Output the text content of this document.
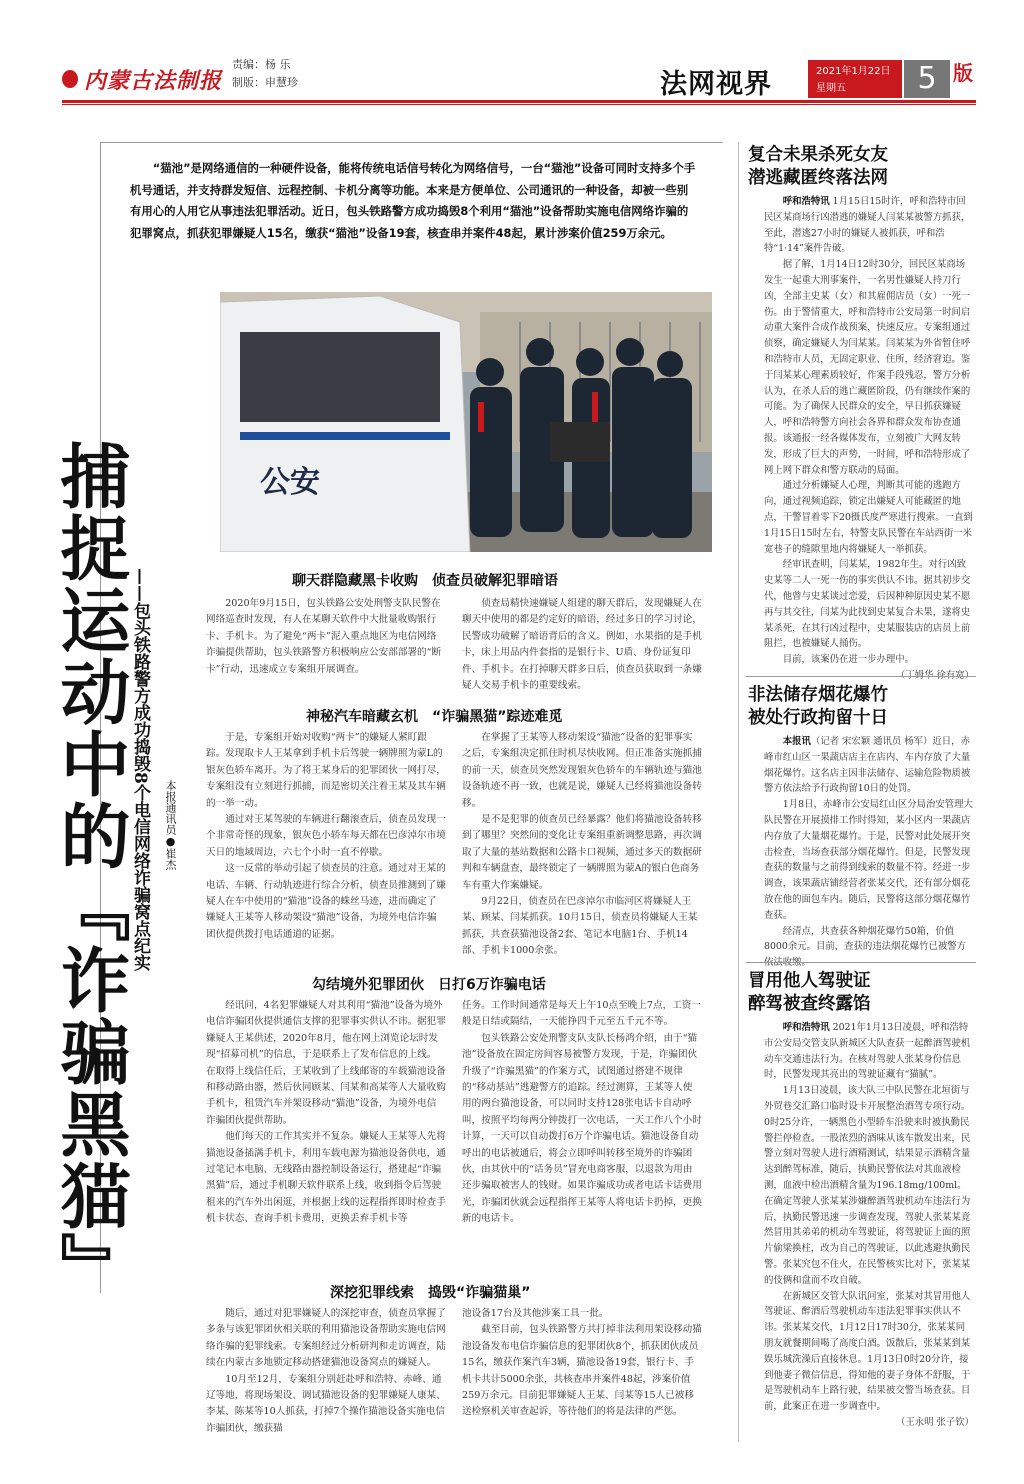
内蒙古法制报
责编：杨 乐
制版：申慧珍	法网视界	2021年1月22日
星期五	5 版
“猫池”是网络通信的一种硬件设备，能将传统电话信号转化为网络信号，一台“猫池”设备可同时支持多个手机号通话，并支持群发短信、远程控制、卡机分离等功能。本来是方便单位、公司通讯的一种设备，却被一些别有用心的人用它从事违法犯罪活动。近日，包头铁路警方成功捣毁8个利用“猫池”设备帮助实施电信网络诈骗的犯罪窝点，抓获犯罪嫌疑人15名，缴获“猫池”设备19套，核查串并案件48起，累计涉案价值259万余元。
公安
捕捉运动中的『诈骗黑猫』
——包头铁路警方成功捣毁8个电信网络诈骗窝点纪实 本报通讯员●崔杰
聊天群隐藏黑卡收购　侦查员破解犯罪暗语

2020年9月15日，包头铁路公安处刑警支队民警在网络巡查时发现，有人在某聊天软件中大批量收购银行卡、手机卡。为了避免“两卡”泥入重点地区为电信网络诈骗提供帮助，包头铁路警方积极响应公安部部署的“断卡”行动，迅速成立专案组开展调查。

侦查局精快速嫌疑人组建的聊天群后，发现嫌疑人在聊天中使用的都是约定好的暗语，经过多日的学习讨论，民警成功破解了暗语背后的含义。例如，水果指的是手机卡，床上用品内件套指的是银行卡、U盾、身份证复印件、手机卡。在打掉聊天群多日后，侦查员获取到一条嫌疑人交易手机卡的重要线索。

神秘汽车暗藏玄机　“诈骗黑猫”踪迹难觅

于是，专案组开始对收购“两卡”的嫌疑人紧盯跟踪。发现取卡人王某拿到手机卡后驾驶一辆牌照为蒙L的银灰色轿车离开。为了将王某身后的犯罪团伙一网打尽，专案组没有立刻进行抓捕，而是密切关注着王某及其车辆的一举一动。

通过对王某驾驶的车辆进行翻滚查后，侦查员发现一个非常奇怪的现象，银灰色小轿车每天都在巴彦淖尔市境天日的地域周边，六七个小时一直不停歇。

这一反常的举动引起了侦查员的注意。通过对王某的电话、车辆、行动轨迹进行综合分析，侦查员推测到了嫌疑人在车中使用的“猫池”设备的蛛丝马迹，进而确定了嫌疑人王某等人移动架设“猫池”设备，为境外电信诈骗团伙提供拨打电话通道的证据。

在掌握了王某等人移动架设“猫池”设备的犯罪事实之后，专案组决定抓住时机尽快收网。但正准备实施抓捕的前一天，侦查员突然发现银灰色轿车的车辆轨迹与猫池设备轨迹不再一致，也就是说，嫌疑人已经将猫池设备转移。

是不是犯罪的侦查员已经暴露？他们将猫池设备转移到了哪里？突然间的变化让专案组重新调整思路，再次调取了大量的基站数据和公路卡口视频，通过多天的数据研判和车辆盘查，最终锁定了一辆牌照为蒙A的银白色商务车有重大作案嫌疑。

9月22日，侦查员在巴彦淖尔市临河区将嫌疑人王某、顾某、闫某抓获。10月15日，侦查员将嫌疑人王某抓获，共查获猫池设备2套、笔记本电脑1台、手机14部、手机卡1000余张。

勾结境外犯罪团伙　日打6万诈骗电话

经讯问，4名犯罪嫌疑人对其利用“猫池”设备为境外电信诈骗团伙提供通信支撑的犯罪事实供认不讳。据犯罪嫌疑人王某供述，2020年8月，他在网上浏览论坛时发现“招募司机”的信息，于是联系上了发布信息的上线。在取得上线信任后，王某收到了上线邮寄的车载猫池设备和移动路由器，然后伙同顾某、闫某和高某等人大量收购手机卡，租赁汽车并架设移动“猫池”设备，为境外电信诈骗团伙提供帮助。

他们每天的工作其实并不复杂。嫌疑人王某等人先将猫池设备插满手机卡，利用车载电源为猫池设备供电，通过笔记本电脑、无线路由器控制设备运行，搭建起“诈骗黑猫”后，通过手机聊天软件联系上线，收到指令后驾驶租来的汽车外出闲逛，并根据上线的远程指挥即时检查手机卡状态、查询手机卡费用，更换丢弃手机卡等

任务。工作时间通常是每天上午10点至晚上7点，工资一般是日结或隔结，一天能挣四千元至五千元不等。

包头铁路公安处刑警支队支队长杨鸿介绍，由于“猫池”设备放在固定房间容易被警方发现，于是，诈骗团伙升级了“诈骗黑猫”的作案方式，试图通过搭建不规律的“移动基站”逃避警方的追踪。经过测算，王某等人使用的两台猫池设备，可以同时支持128张电话卡自动呼叫，按照平均每两分钟拨打一次电话，一天工作八个小时计算，一天可以自动拨打6万个诈骗电话。猫池设备自动呼出的电话被通后，将会立即呼叫转移至境外的诈骗团伙，由其伙中的“话务员”冒充电商客服，以退款为用由还步骗取被害人的钱财。如果诈骗成功或者电话卡话费用光，诈骗团伙就会远程指挥王某等人将电话卡扔掉，更换新的电话卡。

深挖犯罪线索　捣毁“诈骗猫巢”

随后，通过对犯罪嫌疑人的深挖审查，侦查员掌握了多条与该犯罪团伙相关联的利用猫池设备帮助实施电信网络诈骗的犯罪线索。专案组经过分析研判和走访调查，陆续在内蒙古多地锁定移动搭建猫池设备窝点的嫌疑人。

10月至12月，专案组分别赶赴呼和浩特、赤峰、通辽等地，将现场架设、调试猫池设备的犯罪嫌疑人康某、李某、陈某等10人抓获，打掉7个操作猫池设备实施电信诈骗团伙，缴获猫

池设备17台及其他涉案工具一批。

截至目前，包头铁路警方共打掉非法利用架设移动猫池设备发布电信诈骗信息的犯罪团伙8个，抓获团伙成员15名，缴获作案汽车3辆，猫池设备19套，银行卡、手机卡共计5000余张，共核查串并案件48起，涉案价值259万余元。目前犯罪嫌疑人王某、闫某等15人已被移送检察机关审查起诉，等待他们的将是法律的严惩。

复合未果杀死女友
潜逃藏匿终落法网

呼和浩特讯 1月15日15时许，呼和浩特市回民区某商场行凶潜逃的嫌疑人闫某某被警方抓获，至此，潜逃27小时的嫌疑人被抓获，呼和浩特“1·14”案件告破。

据了解，1月14日12时30分，回民区某商场发生一起重大刑事案件，一名男性嫌疑人持刀行凶，全部主史某（女）和其雇佣店员（女）一死一伤。由于警情重大，呼和浩特市公安局第一时间启动重大案件合成作战预案，快速反应。专案组通过侦察，确定嫌疑人为闫某某。闫某某为外省暂住呼和浩特市人员，无固定职业、住所，经济窘迫。鉴于闫某某心理素质较好，作案手段残忍，警方分析认为，在杀人后的逃亡藏匿阶段，仍有继续作案的可能。为了确保人民群众的安全，早日抓获嫌疑人，呼和浩特警方向社会各界和群众发布协查通报。该通报一经各媒体发布，立刻被广大网友转发，形成了巨大的声势，一时间，呼和浩特形成了网上网下群众和警方联动的局面。

通过分析嫌疑人心理，判断其可能的逃跑方向，通过视频追踪，锁定出嫌疑人可能藏匿的地点，干警冒着零下20摄氏度严寒进行搜索。一直到1月15日15时左右，特警支队民警在车站西街一米宽巷子的缝隙里地内将嫌疑人一举抓获。

经审讯查明，闫某某，1982年生。对行凶致史某等二人一死一伤的事实供认不讳。据其初步交代，他曾与史某谈过恋爱，后因种种原因史某不愿再与其交往，闫某为此找到史某复合未果，遂将史某杀死，在其行凶过程中，史某服装店的店员上前阻拦，也被嫌疑人捅伤。

目前，该案仍在进一步办理中。

非法储存烟花爆竹
被处行政拘留十日

本报讯（记者 宋宏颖 通讯员 杨军）近日，赤峰市红山区一果蔬店店主在店内、车内存放了大量烟花爆竹。这名店主因非法储存、运输危险物质被警方依法给予行政拘留10日的处罚。

1月8日，赤峰市公安局红山区分局治安管理大队民警在开展摸排工作时得知，某小区内一果蔬店内存放了大量烟花爆竹。于是，民警对此处展开突击检查，当场查获部分烟花爆竹。但是，民警发现查获的数量与之前得到线索的数量不符。经进一步调查，该果蔬店铺经营者张某交代，还有部分烟花放在他的面包车内。随后，民警将这部分烟花爆竹查获。

经清点，共查获各种烟花爆竹50箱，价值8000余元。目前，查获的违法烟花爆竹已被警方

冒用他人驾驶证
醉驾被查终露馅

呼和浩特讯 2021年1月13日凌晨，呼和浩特市公安局交管支队新城区大队查获一起醉酒驾驶机动车交通违法行为。在核对驾驶人张某身份信息时，民警发现其亮出的驾驶证藏有“猫腻”。

1月13日凌晨，该大队三中队民警在北垣街与外贸巷交汇路口临时设卡开展整治酒驾专项行动。0时25分许，一辆黑色小型轿车沿驶来时被执勤民警拦停检查。一股浓烈的酒味从该车散发出来，民警立刻对驾驶人进行酒精测试，结果显示酒精含量达到醉驾标准，随后，执勤民警依法对其血液检测，血液中检出酒精含量为196.18mg/100ml。在确定驾驶人张某某涉嫌醉酒驾驶机动车违法行为后，执勤民警迅速一步调查发现，驾驶人张某某竟然冒用其弟弟的机动车驾驶证，将驾驶证上面的照片偷梁换柱，改为自己的驾驶证，以此逃避执勤民警。张某究包不住火，在民警核实比对下，张某某的伎俩和盘而不攻自破。

在新城区交管大队讯问室，张某对其冒用他人驾驶证、醉酒后驾驶机动车违法犯罪事实供认不讳。张某某交代，1月12日17时30分，张某某同朋友就餐期间喝了高度白酒。饭散后，张某某到某娱乐城洗澡后直接休息。1月13日0时20分许，接到他妻子微信信息，得知他的妻子身体不舒服，于是驾驶机动车上路行驶，结果被交警当场查获。目前，此案正在进一步调查中。

（王永明 张子钦）
